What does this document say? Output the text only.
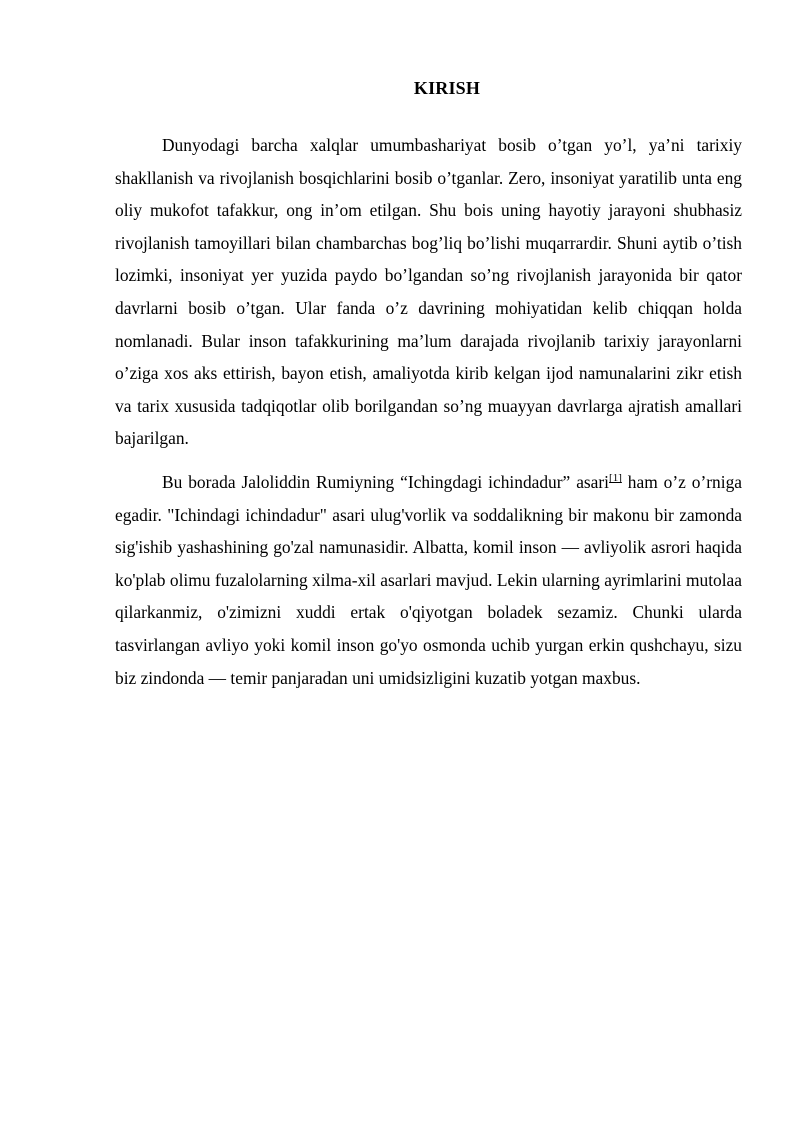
KIRISH

Dunyodagi barcha xalqlar umumbashariyat bosib o’tgan yo’l, ya’ni tarixiy shakllanish va rivojlanish bosqichlarini bosib o’tganlar. Zero, insoniyat yaratilib unta eng oliy mukofot tafakkur, ong in’om etilgan. Shu bois uning hayotiy jarayoni shubhasiz rivojlanish tamoyillari bilan chambarchas bog’liq bo’lishi muqarrardir. Shuni aytib o’tish lozimki, insoniyat yer yuzida paydo bo’lgandan so’ng rivojlanish jarayonida bir qator davrlarni bosib o’tgan. Ular fanda o’z davrining mohiyatidan kelib chiqqan holda nomlanadi. Bular inson tafakkurining ma’lum darajada rivojlanib tarixiy jarayonlarni o’ziga xos aks ettirish, bayon etish, amaliyotda kirib kelgan ijod namunalarini zikr etish va tarix xususida tadqiqotlar olib borilgandan so’ng muayyan davrlarga ajratish amallari bajarilgan.

Bu borada Jaloliddin Rumiyning “Ichingdagi ichindadur” asari[1] ham o’z o’rniga egadir. "Ichindagi ichindadur" asari ulug'vorlik va soddalikning bir makonu bir zamonda sig'ishib yashashining go'zal namunasidir. Albatta, komil inson — avliyolik asrori haqida ko'plab olimu fuzalolarning xilma-xil asarlari mavjud. Lekin ularning ayrimlarini mutolaa qilarkanmiz, o'zimizni xuddi ertak o'qiyotgan boladek sezamiz. Chunki ularda tasvirlangan avliyo yoki komil inson go'yo osmonda uchib yurgan erkin qushchayu, sizu biz zindonda — temir panjaradan uni umidsizligini kuzatib yotgan maxbus.
